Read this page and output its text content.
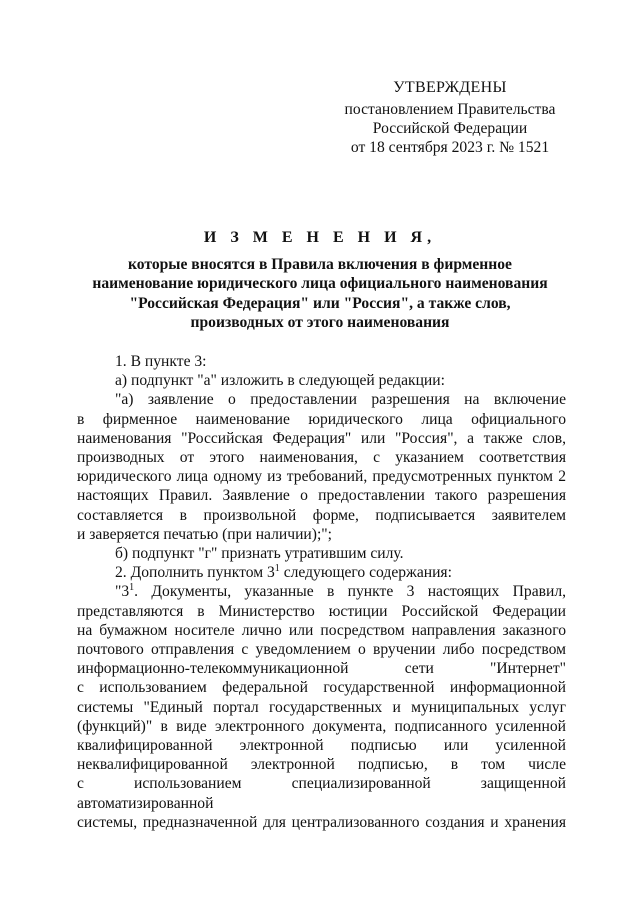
УТВЕРЖДЕНЫ
постановлением Правительства
Российской Федерации
от 18 сентября 2023 г. № 1521
И З М Е Н Е Н И Я,
которые вносятся в Правила включения в фирменное
наименование юридического лица официального наименования
"Российская Федерация" или "Россия", а также слов,
производных от этого наименования
1. В пункте 3:
а) подпункт "а" изложить в следующей редакции:
"а) заявление о предоставлении разрешения на включение
в фирменное наименование юридического лица официального
наименования "Российская Федерация" или "Россия", а также слов,
производных от этого наименования, с указанием соответствия
юридического лица одному из требований, предусмотренных пунктом 2
настоящих Правил. Заявление о предоставлении такого разрешения
составляется в произвольной форме, подписывается заявителем
и заверяется печатью (при наличии);";
б) подпункт "г" признать утратившим силу.
2. Дополнить пунктом $3^1$ следующего содержания:
"$3^1$. Документы, указанные в пункте 3 настоящих Правил,
представляются в Министерство юстиции Российской Федерации
на бумажном носителе лично или посредством направления заказного
почтового отправления с уведомлением о вручении либо посредством
информационно-телекоммуникационной сети "Интернет"
с использованием федеральной государственной информационной
системы "Единый портал государственных и муниципальных услуг
(функций)" в виде электронного документа, подписанного усиленной
квалифицированной электронной подписью или усиленной
неквалифицированной электронной подписью, в том числе
с использованием специализированной защищенной автоматизированной
системы, предназначенной для централизованного создания и хранения
